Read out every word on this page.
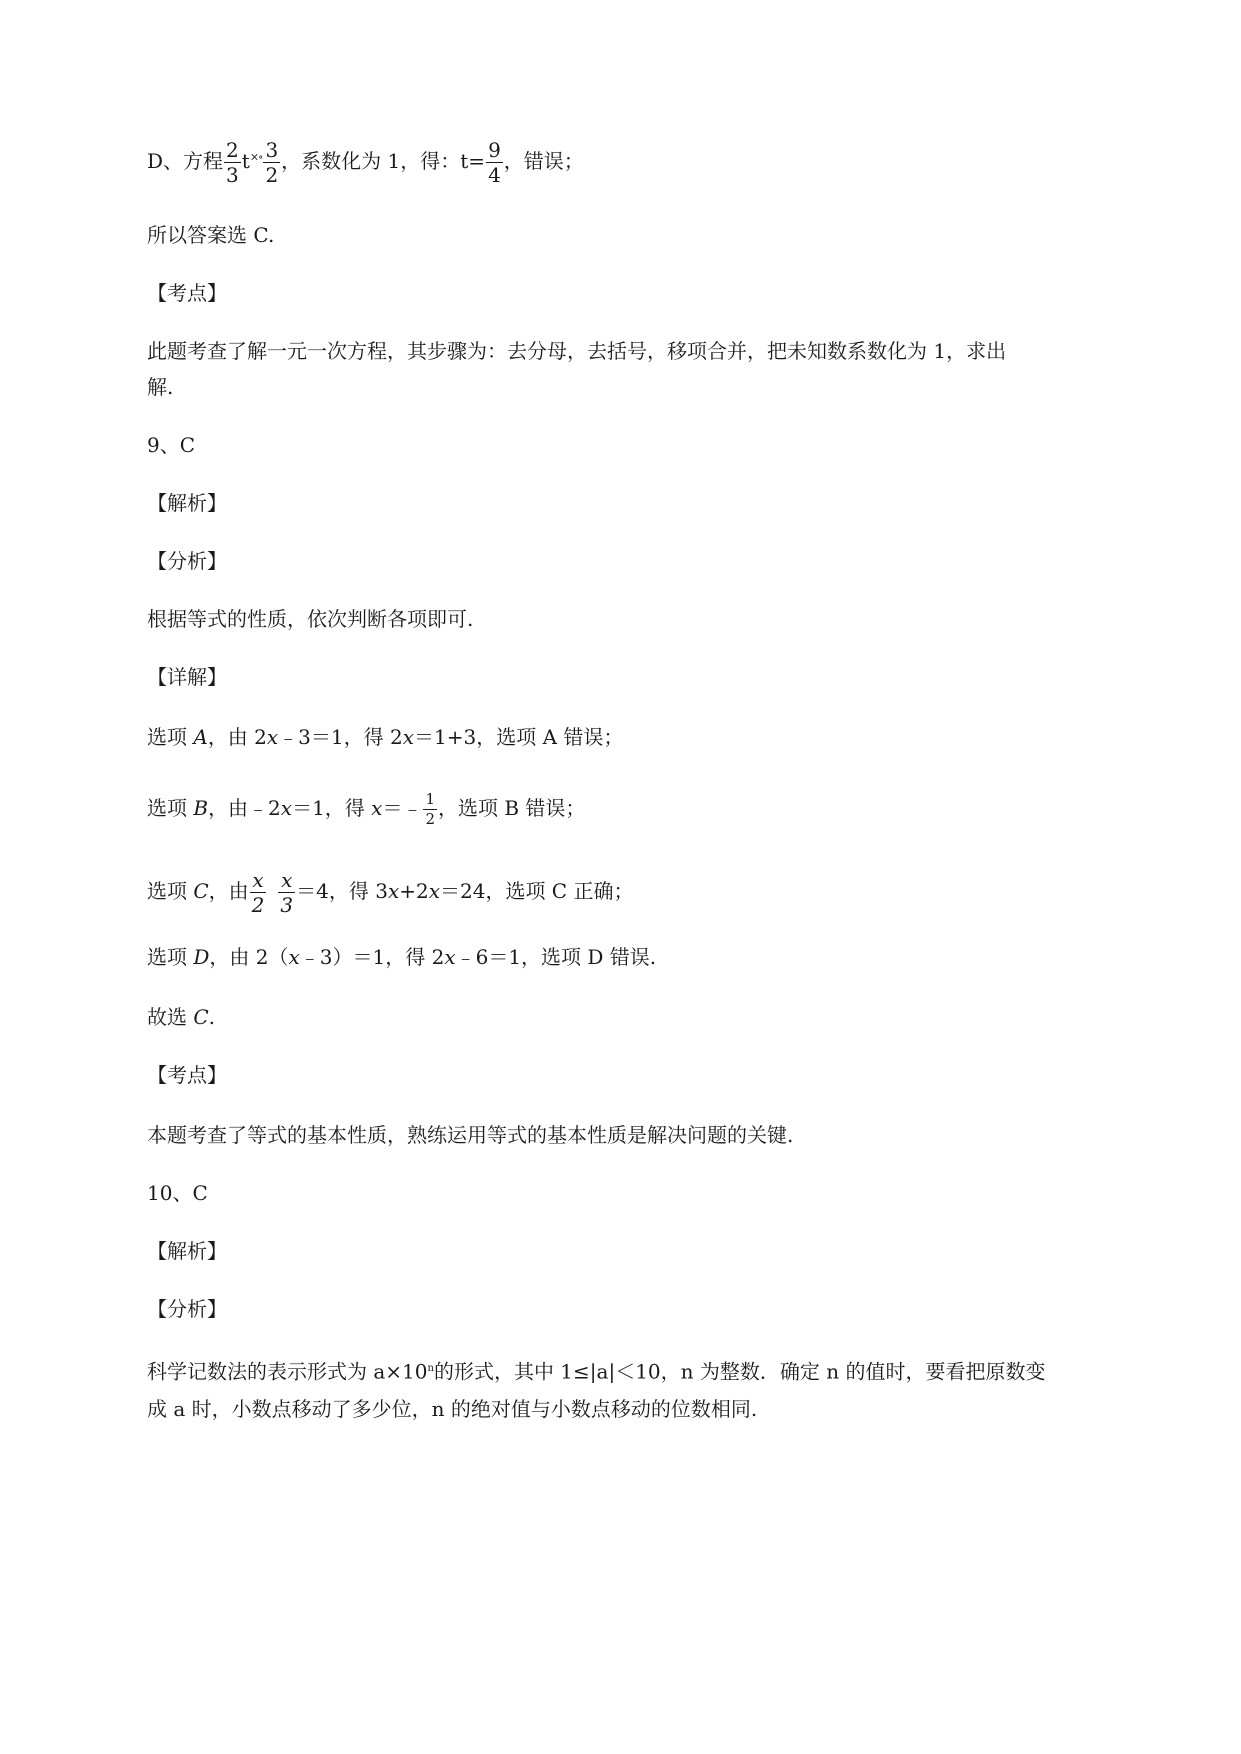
D、方程 $\frac{2}{3} t^{\times\circ} \frac{3}{2}$ ，系数化为 1，得：$t= \frac{9}{4}$ ，错误；
所以答案选 C.
【考点】
此题考查了解一元一次方程，其步骤为：去分母，去括号，移项合并，把未知数系数化为 1，求出
解.
9、C
【解析】
【分析】
根据等式的性质，依次判断各项即可.
【详解】
选项 A，由 2x﹣3＝1，得 2x＝1+3，选项 A 错误；
选项 B，由﹣2x＝1，得 x＝﹣ $\frac{1}{2}$ ，选项 B 错误；
选项 C，由 $\frac{x}{2} \frac{x}{3} =4$，得 3x+2x＝24，选项 C 正确；
选项 D，由 2（x﹣3）＝1，得 2x﹣6＝1，选项 D 错误.
故选 C.
【考点】
本题考查了等式的基本性质，熟练运用等式的基本性质是解决问题的关键.
10、C
【解析】
【分析】
科学记数法的表示形式为 $a\times 10^n$的形式，其中 1≤|a|＜10，n 为整数．确定 n 的值时，要看把原数变
成 a 时，小数点移动了多少位，n 的绝对值与小数点移动的位数相同.
